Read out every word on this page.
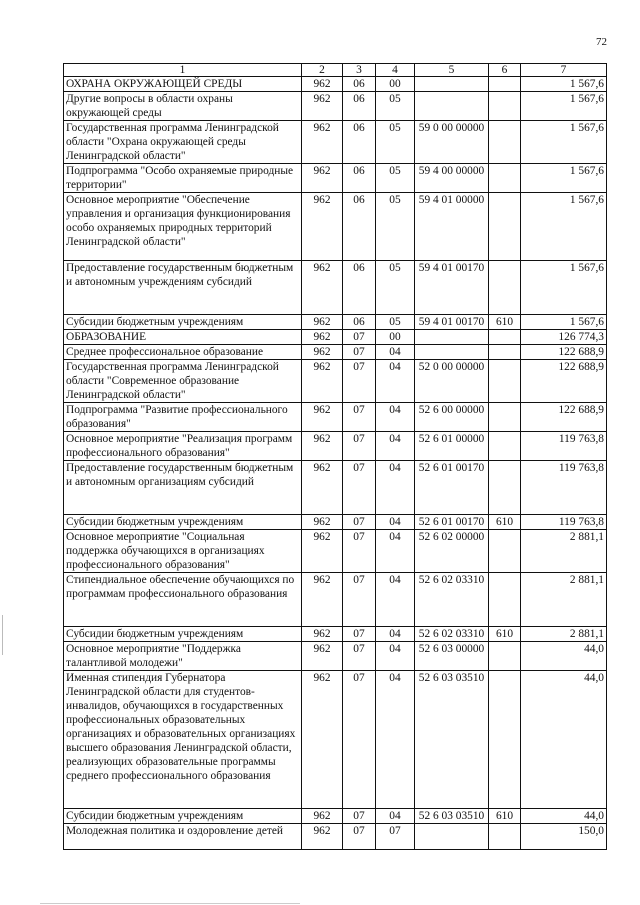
72
1	2	3	4	5	6	7
ОХРАНА ОКРУЖАЮЩЕЙ СРЕДЫ	962	06	00			1 567,6
Другие вопросы в области охраны окружающей среды	962	06	05			1 567,6
Государственная программа Ленинградской области "Охрана окружающей среды Ленинградской области"	962	06	05	59 0 00 00000		1 567,6
Подпрограмма "Особо охраняемые природные территории"	962	06	05	59 4 00 00000		1 567,6
Основное мероприятие "Обеспечение управления и организация функционирования особо охраняемых природных территорий Ленинградской области"	962	06	05	59 4 01 00000		1 567,6
Предоставление государственным бюджетным и автономным учреждениям субсидий	962	06	05	59 4 01 00170		1 567,6
Субсидии бюджетным учреждениям	962	06	05	59 4 01 00170	610	1 567,6
ОБРАЗОВАНИЕ	962	07	00			126 774,3
Среднее профессиональное образование	962	07	04			122 688,9
Государственная программа Ленинградской области "Современное образование Ленинградской области"	962	07	04	52 0 00 00000		122 688,9
Подпрограмма "Развитие профессионального образования"	962	07	04	52 6 00 00000		122 688,9
Основное мероприятие "Реализация программ профессионального образования"	962	07	04	52 6 01 00000		119 763,8
Предоставление государственным бюджетным и автономным организациям субсидий	962	07	04	52 6 01 00170		119 763,8
Субсидии бюджетным учреждениям	962	07	04	52 6 01 00170	610	119 763,8
Основное мероприятие "Социальная поддержка обучающихся в организациях профессионального образования"	962	07	04	52 6 02 00000		2 881,1
Стипендиальное обеспечение обучающихся по программам профессионального образования	962	07	04	52 6 02 03310		2 881,1
Субсидии бюджетным учреждениям	962	07	04	52 6 02 03310	610	2 881,1
Основное мероприятие "Поддержка талантливой молодежи"	962	07	04	52 6 03 00000		44,0
Именная стипендия Губернатора Ленинградской области для студентов-инвалидов, обучающихся в государственных профессиональных образовательных организациях и образовательных организациях высшего образования Ленинградской области, реализующих образовательные программы среднего профессионального образования	962	07	04	52 6 03 03510		44,0
Субсидии бюджетным учреждениям	962	07	04	52 6 03 03510	610	44,0
Молодежная политика и оздоровление детей	962	07	07			150,0
